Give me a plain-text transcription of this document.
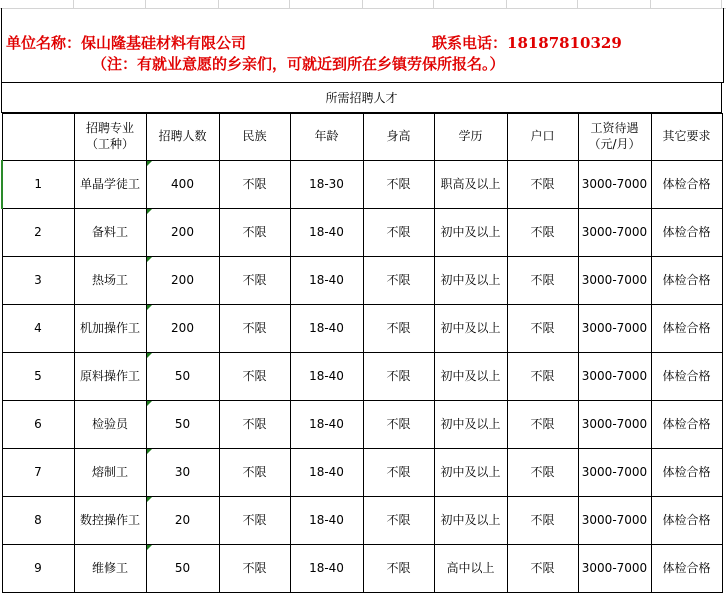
单位名称：保山隆基硅材料有限公司	联系电话：18187810329
（注：有就业意愿的乡亲们，可就近到所在乡镇劳保所报名。）
所需招聘人才
	招聘专业（工种）	招聘人数	民族	年龄	身高	学历	户口	工资待遇（元/月）	其它要求
1	单晶学徒工	400	不限	18-30	不限	职高及以上	不限	3000-7000	体检合格
2	备料工	200	不限	18-40	不限	初中及以上	不限	3000-7000	体检合格
3	热场工	200	不限	18-40	不限	初中及以上	不限	3000-7000	体检合格
4	机加操作工	200	不限	18-40	不限	初中及以上	不限	3000-7000	体检合格
5	原料操作工	50	不限	18-40	不限	初中及以上	不限	3000-7000	体检合格
6	检验员	50	不限	18-40	不限	初中及以上	不限	3000-7000	体检合格
7	熔制工	30	不限	18-40	不限	初中及以上	不限	3000-7000	体检合格
8	数控操作工	20	不限	18-40	不限	初中及以上	不限	3000-7000	体检合格
9	维修工	50	不限	18-40	不限	高中以上	不限	3000-7000	体检合格
